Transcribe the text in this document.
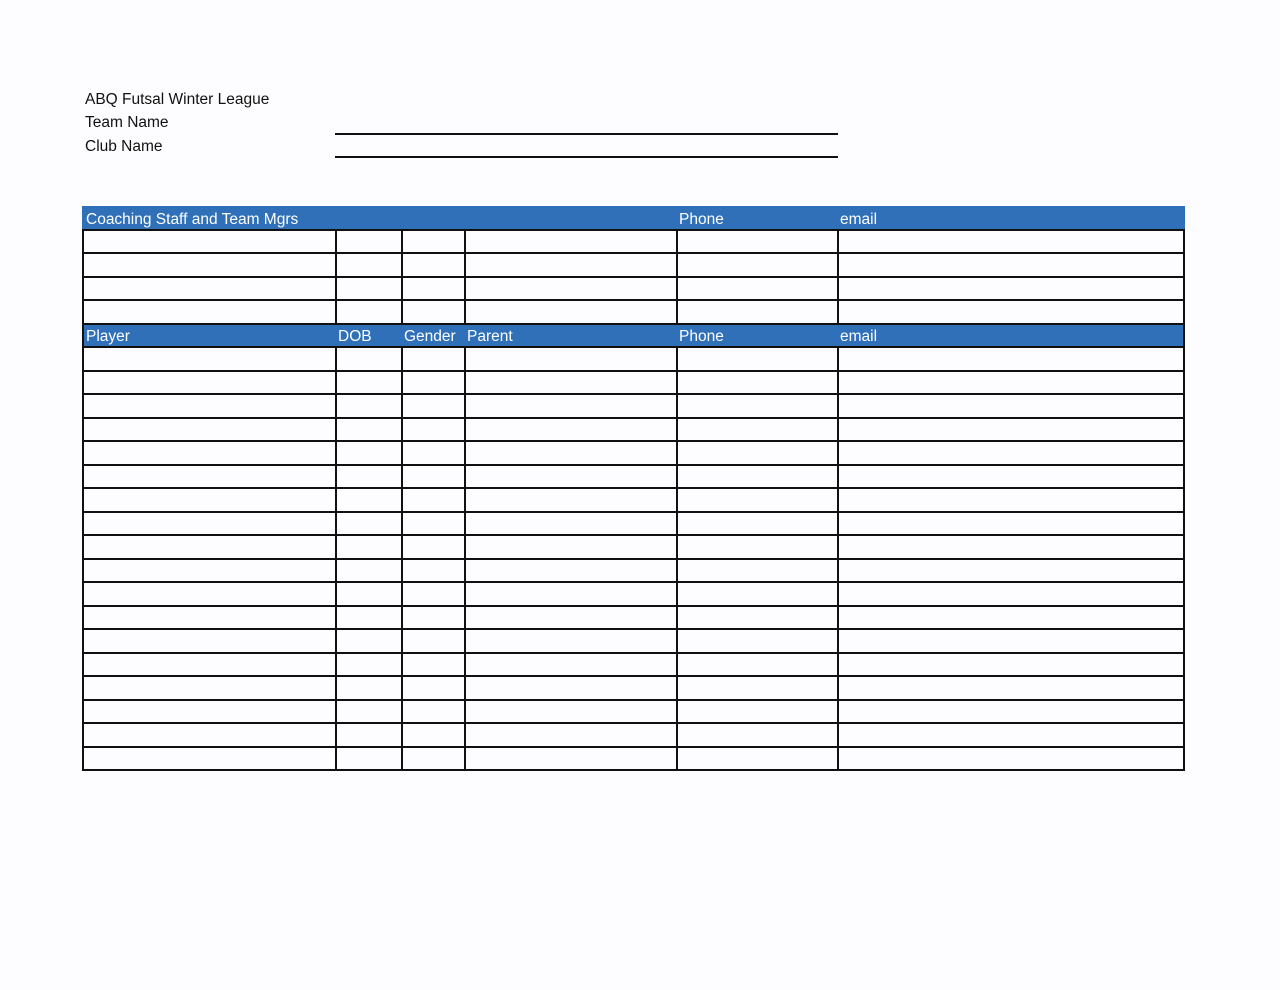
ABQ Futsal Winter League
Team Name
Club Name
Coaching Staff and Team Mgrs				Phone	email

Player	DOB	Gender	Parent	Phone	email
